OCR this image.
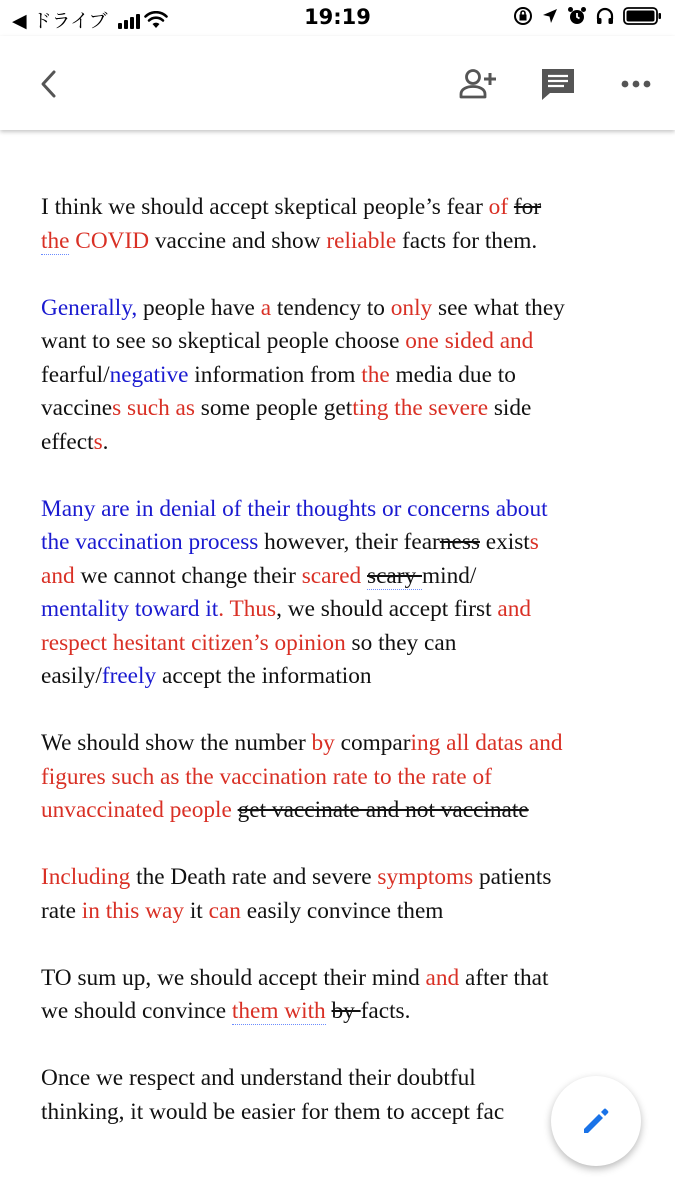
◀ ドライブ	19:19

I think we should accept skeptical people’s fear of for
the COVID vaccine and show reliable facts for them.

Generally, people have a tendency to only see what they
want to see so skeptical people choose one sided and
fearful/negative information from the media due to
vaccines such as some people getting the severe side
effects.

Many are in denial of their thoughts or concerns about
the vaccination process however, their fearness exists
and we cannot change their scared scary mind/
mentality toward it. Thus, we should accept first and
respect hesitant citizen’s opinion so they can
easily/freely accept the information

We should show the number by comparing all datas and
figures such as the vaccination rate to the rate of
unvaccinated people get vaccinate and not vaccinate

Including the Death rate and severe symptoms patients
rate in this way it can easily convince them

TO sum up, we should accept their mind and after that
we should convince them with by facts.

Once we respect and understand their doubtful
thinking, it would be easier for them to accept fac
